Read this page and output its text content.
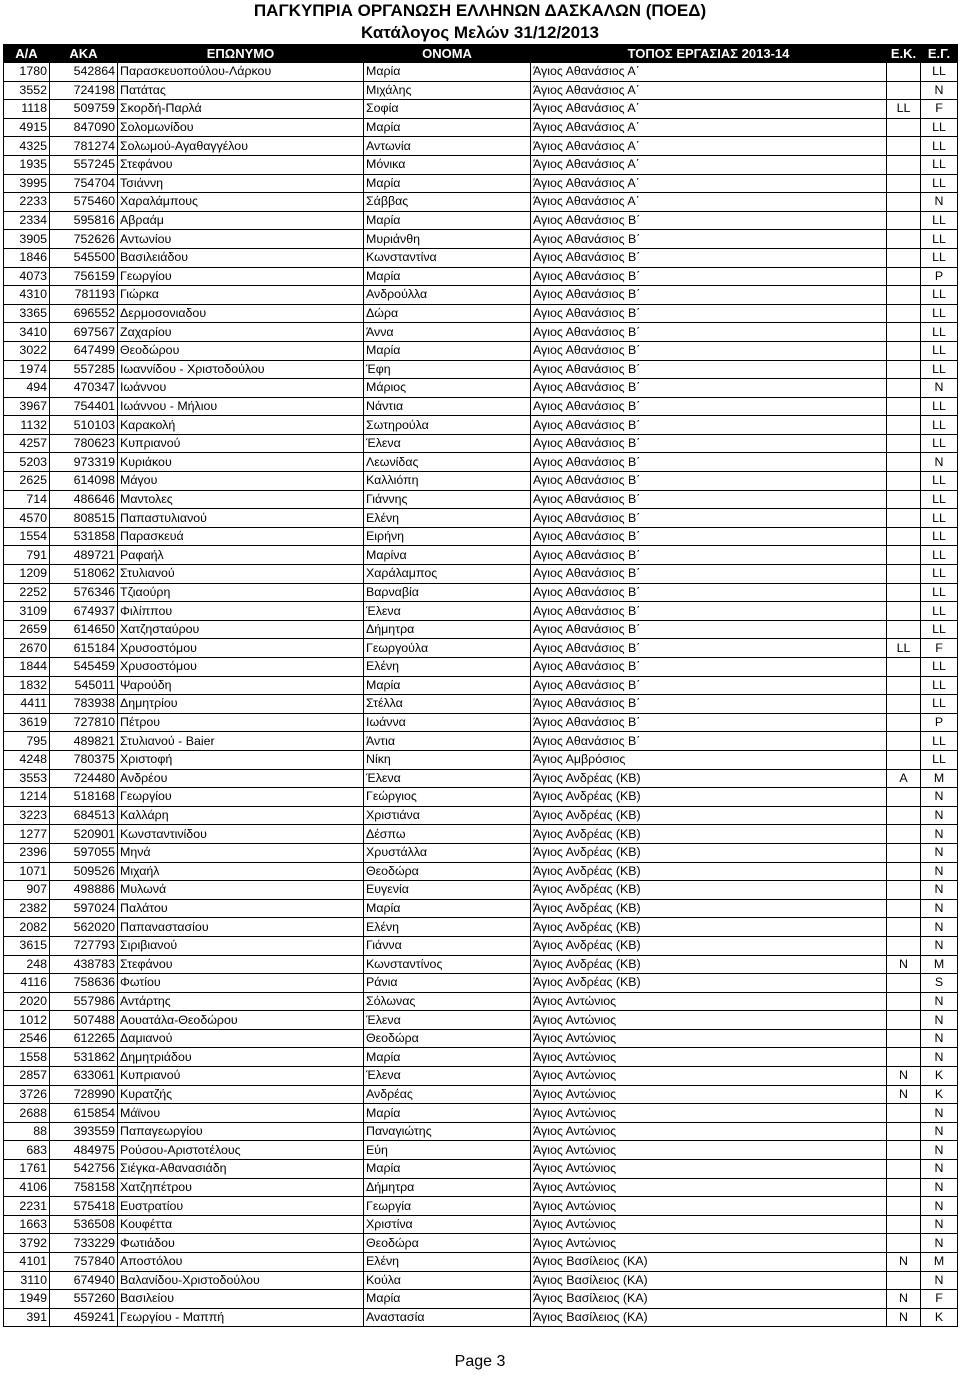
ΠΑΓΚΥΠΡΙΑ ΟΡΓΑΝΩΣΗ ΕΛΛΗΝΩΝ ΔΑΣΚΑΛΩΝ (ΠΟΕΔ)
Κατάλογος Μελών 31/12/2013
Α/Α	ΑΚΑ	ΕΠΩΝΥΜΟ	ΟΝΟΜΑ	ΤΟΠΟΣ ΕΡΓΑΣΙΑΣ 2013-14	Ε.Κ.	Ε.Γ.
1780	542864	Παρασκευοπούλου-Λάρκου	Μαρία	Άγιος Αθανάσιος Α΄		LL
3552	724198	Πατάτας	Μιχάλης	Άγιος Αθανάσιος Α΄		N
1118	509759	Σκορδή-Παρλά	Σοφία	Άγιος Αθανάσιος Α΄	LL	F
4915	847090	Σολομωνίδου	Μαρία	Άγιος Αθανάσιος Α΄		LL
4325	781274	Σολωμού-Αγαθαγγέλου	Αντωνία	Άγιος Αθανάσιος Α΄		LL
1935	557245	Στεφάνου	Μόνικα	Άγιος Αθανάσιος Α΄		LL
3995	754704	Τσιάννη	Μαρία	Άγιος Αθανάσιος Α΄		LL
2233	575460	Χαραλάμπους	Σάββας	Άγιος Αθανάσιος Α΄		N
2334	595816	Αβραάμ	Μαρία	Αγιος Αθανάσιος Β΄		LL
3905	752626	Αντωνίου	Μυριάνθη	Αγιος Αθανάσιος Β΄		LL
1846	545500	Βασιλειάδου	Κωνσταντίνα	Αγιος Αθανάσιος Β΄		LL
4073	756159	Γεωργίου	Μαρία	Αγιος Αθανάσιος Β΄		P
4310	781193	Γιώρκα	Ανδρούλλα	Αγιος Αθανάσιος Β΄		LL
3365	696552	Δερμοσονιαδου	Δώρα	Αγιος Αθανάσιος Β΄		LL
3410	697567	Ζαχαρίου	Άννα	Αγιος Αθανάσιος Β΄		LL
3022	647499	Θεοδώρου	Μαρία	Αγιος Αθανάσιος Β΄		LL
1974	557285	Ιωαννίδου - Χριστοδούλου	Έφη	Αγιος Αθανάσιος Β΄		LL
494	470347	Ιωάννου	Μάριος	Αγιος Αθανάσιος Β΄		N
3967	754401	Ιωάννου - Μήλιου	Νάντια	Αγιος Αθανάσιος Β΄		LL
1132	510103	Καρακολή	Σωτηρούλα	Αγιος Αθανάσιος Β΄		LL
4257	780623	Κυπριανού	Έλενα	Αγιος Αθανάσιος Β΄		LL
5203	973319	Κυριάκου	Λεωνίδας	Αγιος Αθανάσιος Β΄		N
2625	614098	Μάγου	Καλλιόπη	Αγιος Αθανάσιος Β΄		LL
714	486646	Μαντολες	Γιάννης	Αγιος Αθανάσιος Β΄		LL
4570	808515	Παπαστυλιανού	Ελένη	Αγιος Αθανάσιος Β΄		LL
1554	531858	Παρασκευά	Ειρήνη	Αγιος Αθανάσιος Β΄		LL
791	489721	Ραφαήλ	Μαρίνα	Αγιος Αθανάσιος Β΄		LL
1209	518062	Στυλιανού	Χαράλαμπος	Αγιος Αθανάσιος Β΄		LL
2252	576346	Τζιαούρη	Βαρναβία	Αγιος Αθανάσιος Β΄		LL
3109	674937	Φιλίππου	Έλενα	Αγιος Αθανάσιος Β΄		LL
2659	614650	Χατζησταύρου	Δήμητρα	Αγιος Αθανάσιος Β΄		LL
2670	615184	Χρυσοστόμου	Γεωργούλα	Αγιος Αθανάσιος Β΄	LL	F
1844	545459	Χρυσοστόμου	Ελένη	Αγιος Αθανάσιος Β΄		LL
1832	545011	Ψαρούδη	Μαρία	Αγιος Αθανάσιος Β΄		LL
4411	783938	Δημητρίου	Στέλλα	Άγιος Αθανάσιος Β΄		LL
3619	727810	Πέτρου	Ιωάννα	Άγιος Αθανάσιος Β΄		P
795	489821	Στυλιανού - Baier	Άντια	Άγιος Αθανάσιος Β΄		LL
4248	780375	Χριστοφή	Νίκη	Άγιος Αμβρόσιος		LL
3553	724480	Ανδρέου	Έλενα	Άγιος Ανδρέας (ΚΒ)	A	M
1214	518168	Γεωργίου	Γεώργιος	Άγιος Ανδρέας (ΚΒ)		N
3223	684513	Καλλάρη	Χριστιάνα	Άγιος Ανδρέας (ΚΒ)		N
1277	520901	Κωνσταντινίδου	Δέσπω	Άγιος Ανδρέας (ΚΒ)		N
2396	597055	Μηνά	Χρυστάλλα	Άγιος Ανδρέας (ΚΒ)		N
1071	509526	Μιχαήλ	Θεοδώρα	Άγιος Ανδρέας (ΚΒ)		N
907	498886	Μυλωνά	Ευγενία	Άγιος Ανδρέας (ΚΒ)		N
2382	597024	Παλάτου	Μαρία	Άγιος Ανδρέας (ΚΒ)		N
2082	562020	Παπαναστασίου	Ελένη	Άγιος Ανδρέας (ΚΒ)		N
3615	727793	Σιριβιανού	Γιάννα	Άγιος Ανδρέας (ΚΒ)		N
248	438783	Στεφάνου	Κωνσταντίνος	Άγιος Ανδρέας (ΚΒ)	N	M
4116	758636	Φωτίου	Ράνια	Άγιος Ανδρέας (ΚΒ)		S
2020	557986	Αντάρτης	Σόλωνας	Άγιος Αντώνιος		N
1012	507488	Αουατάλα-Θεοδώρου	Έλενα	Άγιος Αντώνιος		N
2546	612265	Δαμιανού	Θεοδώρα	Άγιος Αντώνιος		N
1558	531862	Δημητριάδου	Μαρία	Άγιος Αντώνιος		N
2857	633061	Κυπριανού	Έλενα	Άγιος Αντώνιος	N	K
3726	728990	Κυρατζής	Ανδρέας	Άγιος Αντώνιος	N	K
2688	615854	Μάϊνου	Μαρία	Άγιος Αντώνιος		N
88	393559	Παπαγεωργίου	Παναγιώτης	Άγιος Αντώνιος		N
683	484975	Ρούσου-Αριστοτέλους	Εύη	Άγιος Αντώνιος		N
1761	542756	Σιέγκα-Αθανασιάδη	Μαρία	Άγιος Αντώνιος		N
4106	758158	Χατζηπέτρου	Δήμητρα	Άγιος Αντώνιος		N
2231	575418	Ευστρατίου	Γεωργία	Άγιος Αντώνιος		N
1663	536508	Κουφέττα	Χριστίνα	Άγιος Αντώνιος		N
3792	733229	Φωτιάδου	Θεοδώρα	Άγιος Αντώνιος		N
4101	757840	Αποστόλου	Ελένη	Άγιος Βασίλειος (ΚΑ)	N	M
3110	674940	Βαλανίδου-Χριστοδούλου	Κούλα	Άγιος Βασίλειος (ΚΑ)		N
1949	557260	Βασιλείου	Μαρία	Άγιος Βασίλειος (ΚΑ)	N	F
391	459241	Γεωργίου - Μαππή	Αναστασία	Άγιος Βασίλειος (ΚΑ)	N	K
Page 3
